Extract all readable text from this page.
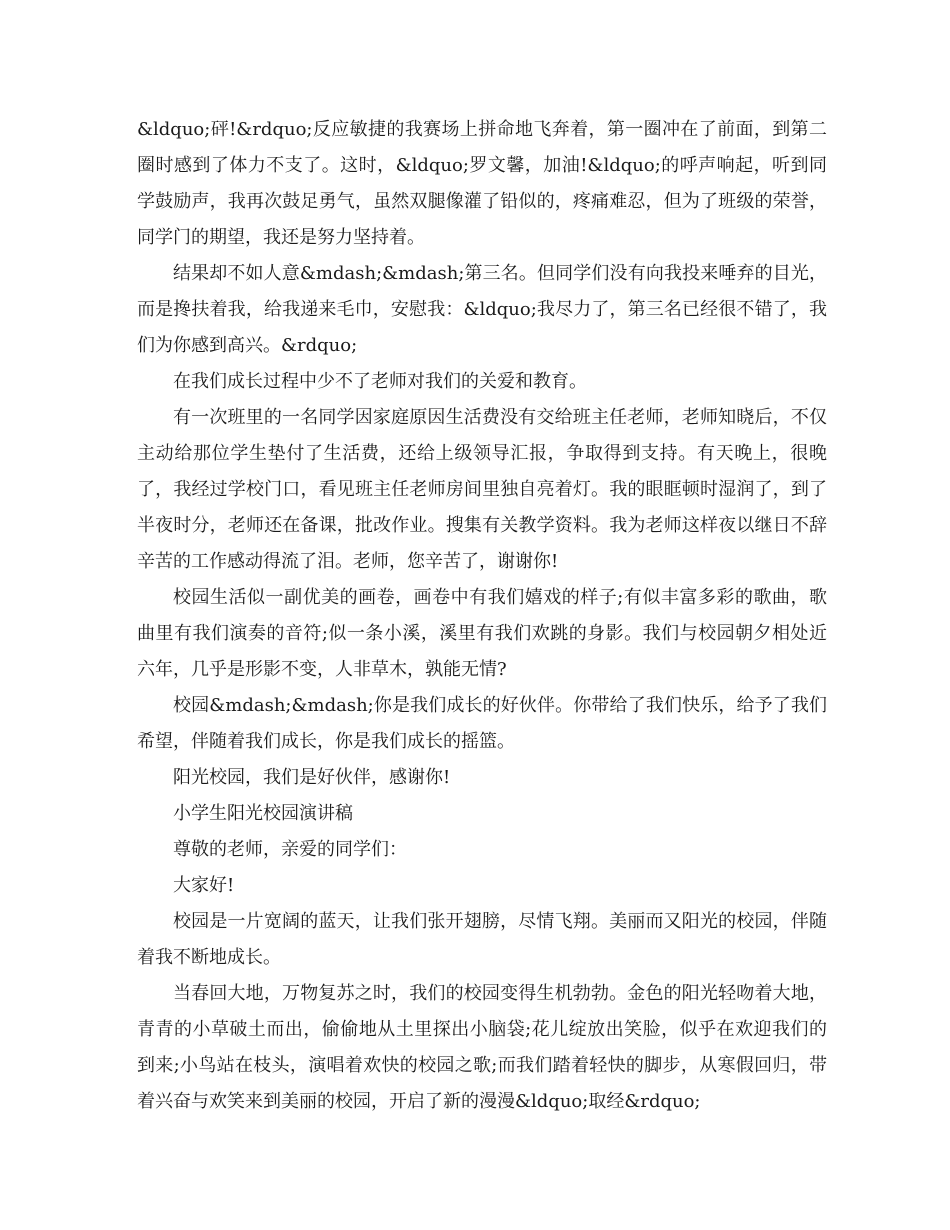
&ldquo;砰!&rdquo;反应敏捷的我赛场上拼命地飞奔着，第一圈冲在了前面，到第二圈时感到了体力不支了。这时，&ldquo;罗文馨，加油!&ldquo;的呼声响起，听到同学鼓励声，我再次鼓足勇气，虽然双腿像灌了铅似的，疼痛难忍，但为了班级的荣誉，同学门的期望，我还是努力坚持着。

结果却不如人意&mdash;&mdash;第三名。但同学们没有向我投来唾弃的目光，而是搀扶着我，给我递来毛巾，安慰我：&ldquo;我尽力了，第三名已经很不错了，我们为你感到高兴。&rdquo;

在我们成长过程中少不了老师对我们的关爱和教育。

有一次班里的一名同学因家庭原因生活费没有交给班主任老师，老师知晓后，不仅主动给那位学生垫付了生活费，还给上级领导汇报，争取得到支持。有天晚上，很晚了，我经过学校门口，看见班主任老师房间里独自亮着灯。我的眼眶顿时湿润了，到了半夜时分，老师还在备课，批改作业。搜集有关教学资料。我为老师这样夜以继日不辞辛苦的工作感动得流了泪。老师，您辛苦了，谢谢你!

校园生活似一副优美的画卷，画卷中有我们嬉戏的样子;有似丰富多彩的歌曲，歌曲里有我们演奏的音符;似一条小溪，溪里有我们欢跳的身影。我们与校园朝夕相处近六年，几乎是形影不变，人非草木，孰能无情?

校园&mdash;&mdash;你是我们成长的好伙伴。你带给了我们快乐，给予了我们希望，伴随着我们成长，你是我们成长的摇篮。

阳光校园，我们是好伙伴，感谢你!

小学生阳光校园演讲稿

尊敬的老师，亲爱的同学们：

大家好!

校园是一片宽阔的蓝天，让我们张开翅膀，尽情飞翔。美丽而又阳光的校园，伴随着我不断地成长。

当春回大地，万物复苏之时，我们的校园变得生机勃勃。金色的阳光轻吻着大地，青青的小草破土而出，偷偷地从土里探出小脑袋;花儿绽放出笑脸，似乎在欢迎我们的到来;小鸟站在枝头，演唱着欢快的校园之歌;而我们踏着轻快的脚步，从寒假回归，带着兴奋与欢笑来到美丽的校园，开启了新的漫漫&ldquo;取经&rdquo;
